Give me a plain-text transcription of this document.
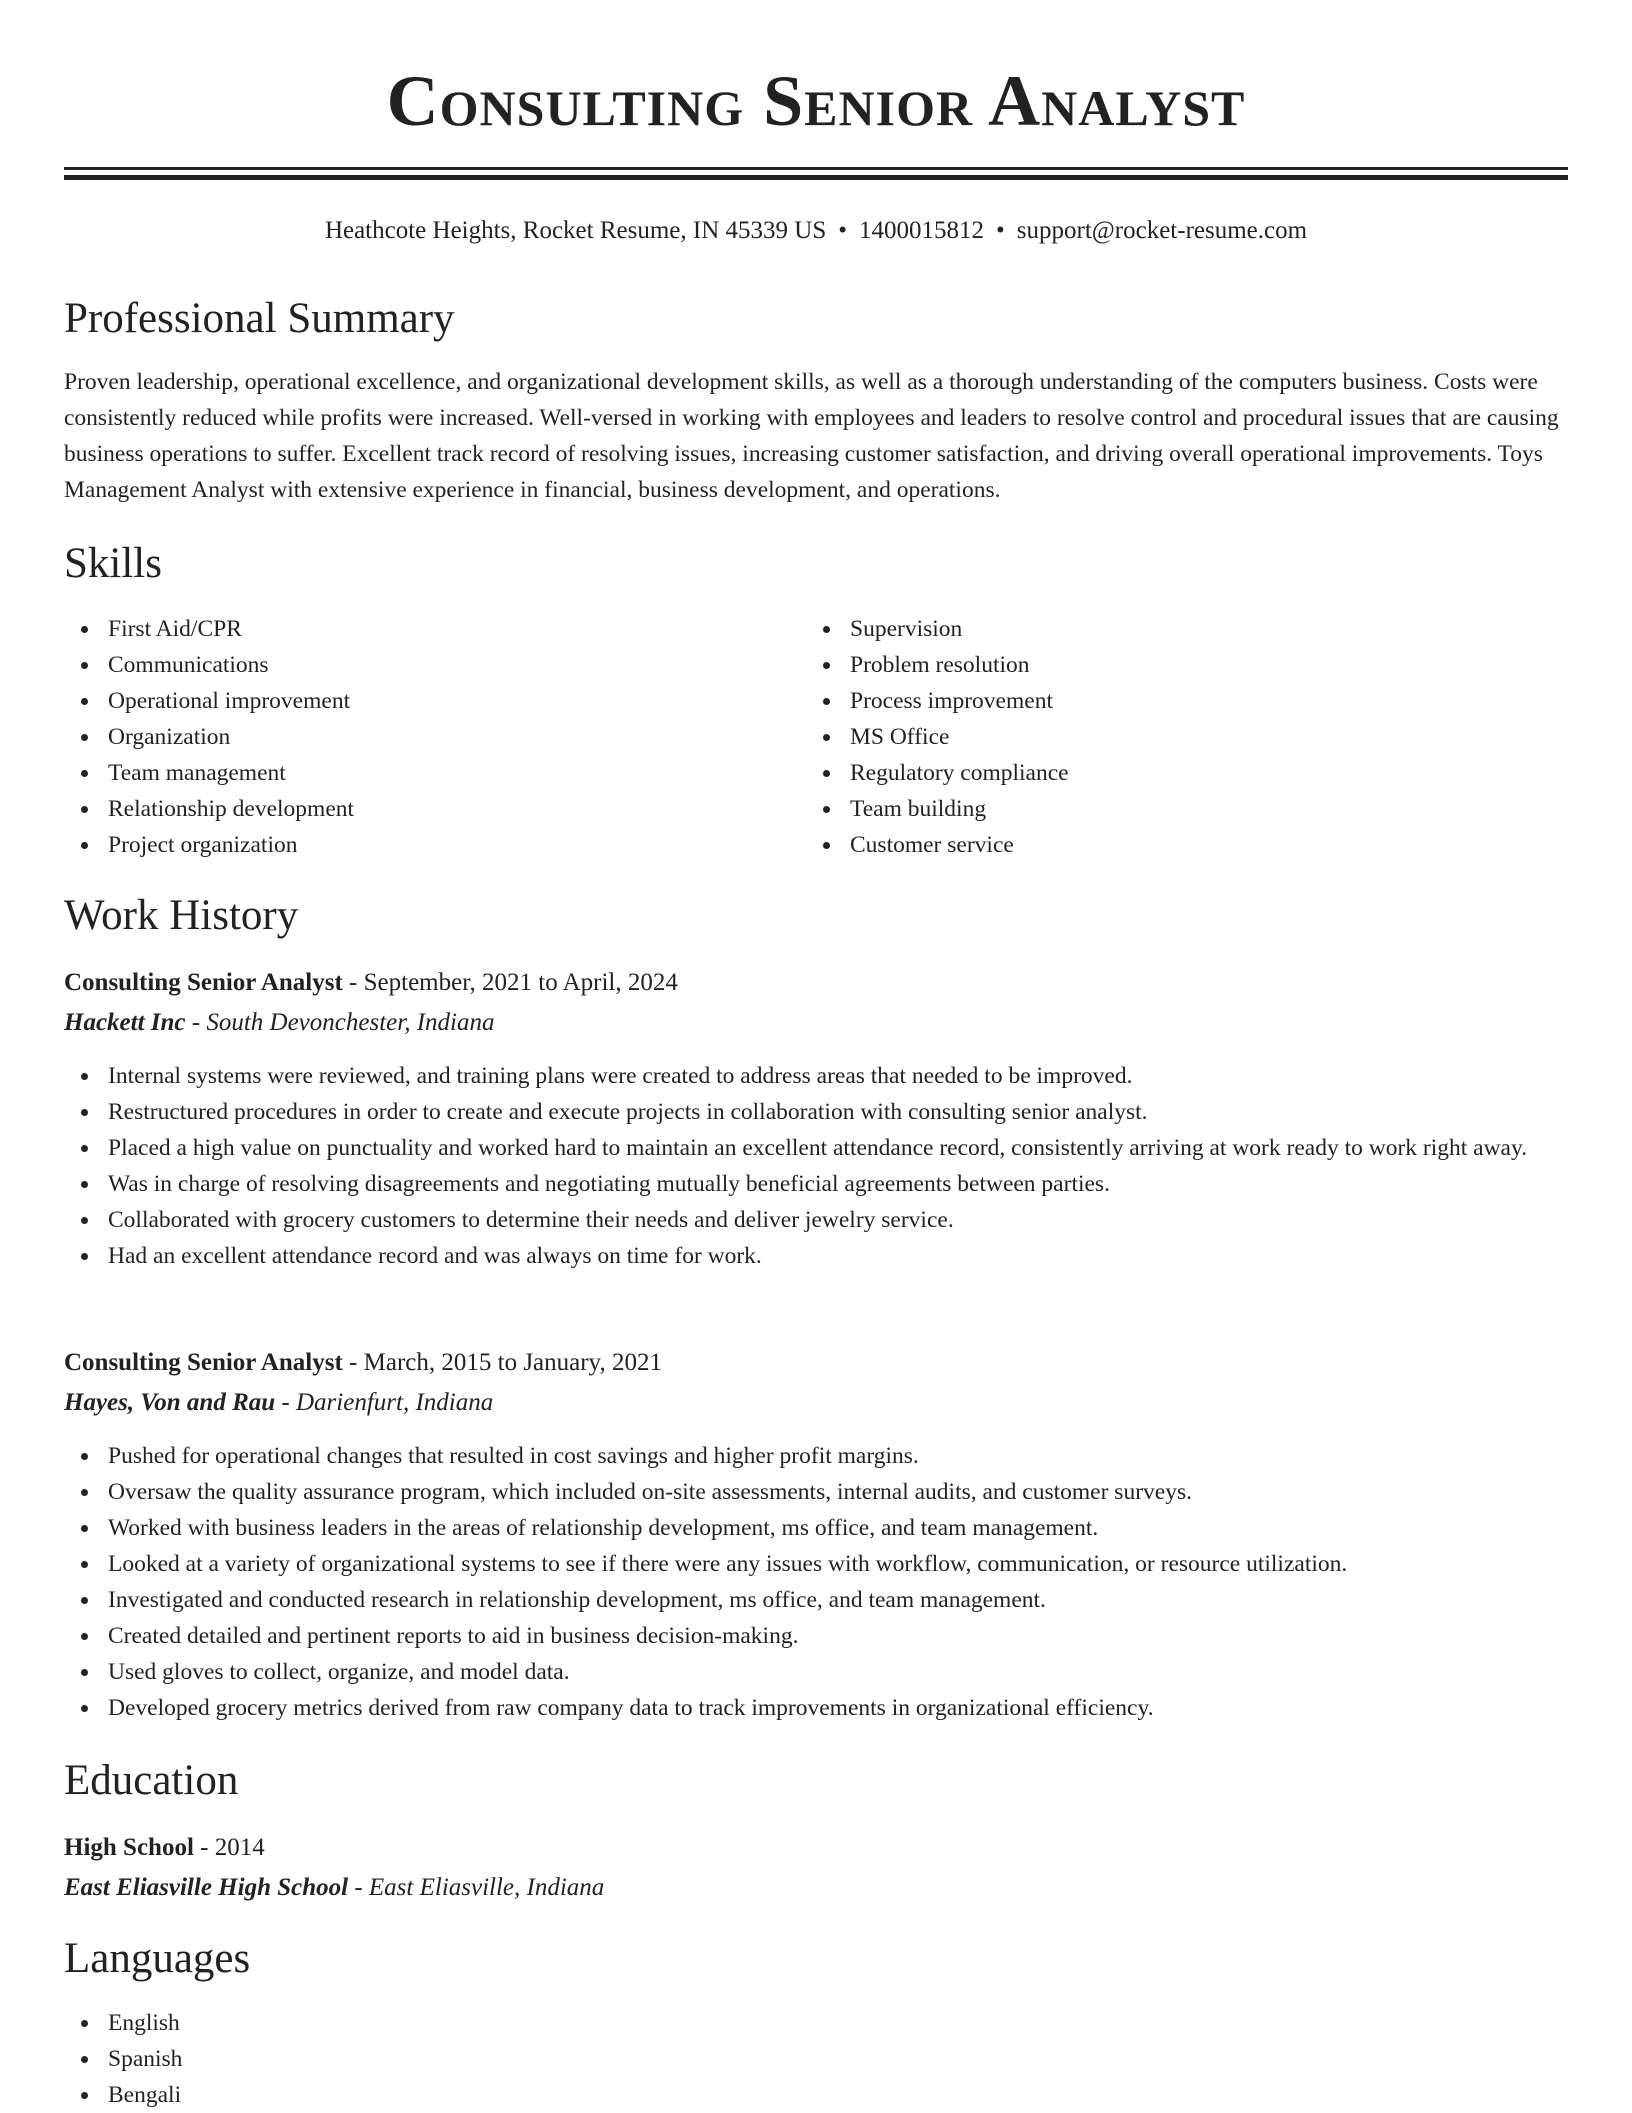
Consulting Senior Analyst
Heathcote Heights, Rocket Resume, IN 45339 US • 1400015812 • support@rocket-resume.com
Professional Summary

Proven leadership, operational excellence, and organizational development skills, as well as a thorough understanding of the computers business. Costs were consistently reduced while profits were increased. Well-versed in working with employees and leaders to resolve control and procedural issues that are causing business operations to suffer. Excellent track record of resolving issues, increasing customer satisfaction, and driving overall operational improvements. Toys Management Analyst with extensive experience in financial, business development, and operations.

Skills
First Aid/CPR
Communications
Operational improvement
Organization
Team management
Relationship development
Project organization
Supervision
Problem resolution
Process improvement
MS Office
Regulatory compliance
Team building
Customer service
Work History
Consulting Senior Analyst - September, 2021 to April, 2024
Hackett Inc - South Devonchester, Indiana
Internal systems were reviewed, and training plans were created to address areas that needed to be improved.
Restructured procedures in order to create and execute projects in collaboration with consulting senior analyst.
Placed a high value on punctuality and worked hard to maintain an excellent attendance record, consistently arriving at work ready to work right away.
Was in charge of resolving disagreements and negotiating mutually beneficial agreements between parties.
Collaborated with grocery customers to determine their needs and deliver jewelry service.
Had an excellent attendance record and was always on time for work.
Consulting Senior Analyst - March, 2015 to January, 2021
Hayes, Von and Rau - Darienfurt, Indiana
Pushed for operational changes that resulted in cost savings and higher profit margins.
Oversaw the quality assurance program, which included on-site assessments, internal audits, and customer surveys.
Worked with business leaders in the areas of relationship development, ms office, and team management.
Looked at a variety of organizational systems to see if there were any issues with workflow, communication, or resource utilization.
Investigated and conducted research in relationship development, ms office, and team management.
Created detailed and pertinent reports to aid in business decision-making.
Used gloves to collect, organize, and model data.
Developed grocery metrics derived from raw company data to track improvements in organizational efficiency.
Education
High School - 2014
East Eliasville High School - East Eliasville, Indiana
Languages
English
Spanish
Bengali
